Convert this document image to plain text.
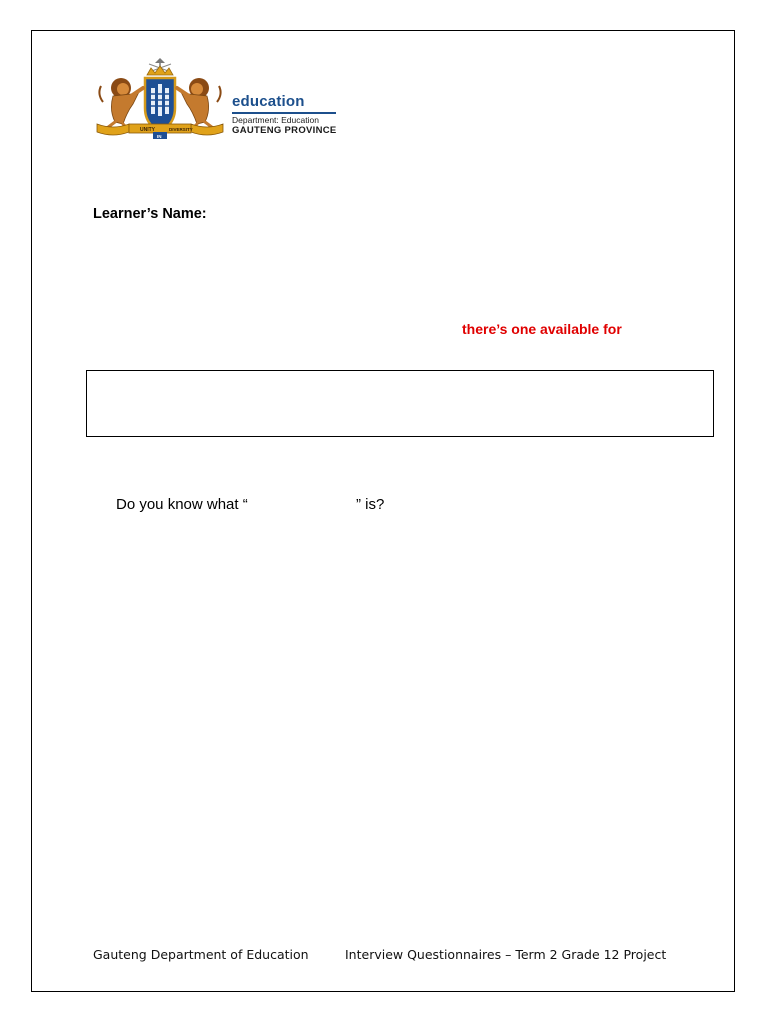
UNITY
IN
DIVERSITY
education
Department: Education
GAUTENG PROVINCE
Learner’s Name:
there’s one available for
Do you know what “	” is?
Gauteng Department of Education	Interview Questionnaires – Term 2 Grade 12 Project
